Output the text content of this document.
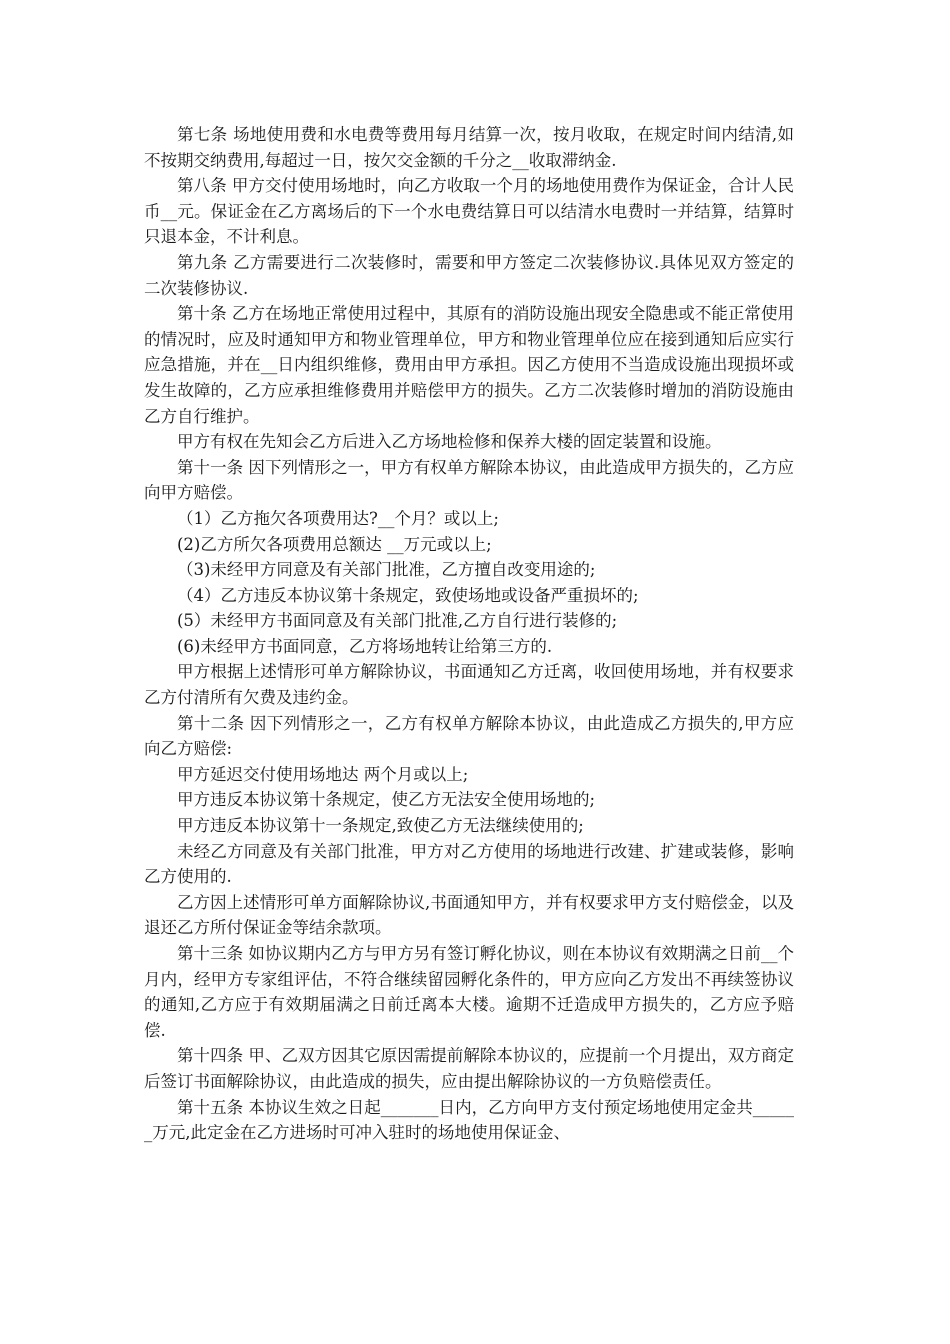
第七条 场地使用费和水电费等费用每月结算一次，按月收取，在规定时间内结清,如不按期交纳费用,每超过一日，按欠交金额的千分之__收取滞纳金.

第八条 甲方交付使用场地时，向乙方收取一个月的场地使用费作为保证金，合计人民币__元。保证金在乙方离场后的下一个水电费结算日可以结清水电费时一并结算，结算时只退本金，不计利息。

第九条 乙方需要进行二次装修时，需要和甲方签定二次装修协议.具体见双方签定的二次装修协议.

第十条 乙方在场地正常使用过程中，其原有的消防设施出现安全隐患或不能正常使用的情况时，应及时通知甲方和物业管理单位，甲方和物业管理单位应在接到通知后应实行应急措施，并在__日内组织维修，费用由甲方承担。因乙方使用不当造成设施出现损坏或发生故障的，乙方应承担维修费用并赔偿甲方的损失。乙方二次装修时增加的消防设施由乙方自行维护。

甲方有权在先知会乙方后进入乙方场地检修和保养大楼的固定装置和设施。

第十一条 因下列情形之一，甲方有权单方解除本协议，由此造成甲方损失的，乙方应向甲方赔偿。

（1）乙方拖欠各项费用达?__个月？或以上;

(2)乙方所欠各项费用总额达 __万元或以上;

（3)未经甲方同意及有关部门批准，乙方擅自改变用途的;

（4）乙方违反本协议第十条规定，致使场地或设备严重损坏的;

(5）未经甲方书面同意及有关部门批准,乙方自行进行装修的;

(6)未经甲方书面同意，乙方将场地转让给第三方的.

甲方根据上述情形可单方解除协议，书面通知乙方迁离，收回使用场地，并有权要求乙方付清所有欠费及违约金。

第十二条 因下列情形之一，乙方有权单方解除本协议，由此造成乙方损失的,甲方应向乙方赔偿:

甲方延迟交付使用场地达 两个月或以上;

甲方违反本协议第十条规定，使乙方无法安全使用场地的;

甲方违反本协议第十一条规定,致使乙方无法继续使用的;

未经乙方同意及有关部门批准，甲方对乙方使用的场地进行改建、扩建或装修，影响乙方使用的.

乙方因上述情形可单方面解除协议,书面通知甲方，并有权要求甲方支付赔偿金，以及退还乙方所付保证金等结余款项。

第十三条 如协议期内乙方与甲方另有签订孵化协议，则在本协议有效期满之日前__个月内，经甲方专家组评估，不符合继续留园孵化条件的，甲方应向乙方发出不再续签协议的通知,乙方应于有效期届满之日前迁离本大楼。逾期不迁造成甲方损失的，乙方应予赔偿.

第十四条 甲、乙双方因其它原因需提前解除本协议的，应提前一个月提出，双方商定后签订书面解除协议，由此造成的损失，应由提出解除协议的一方负赔偿责任。

第十五条 本协议生效之日起_______日内，乙方向甲方支付预定场地使用定金共______万元,此定金在乙方进场时可冲入驻时的场地使用保证金、
